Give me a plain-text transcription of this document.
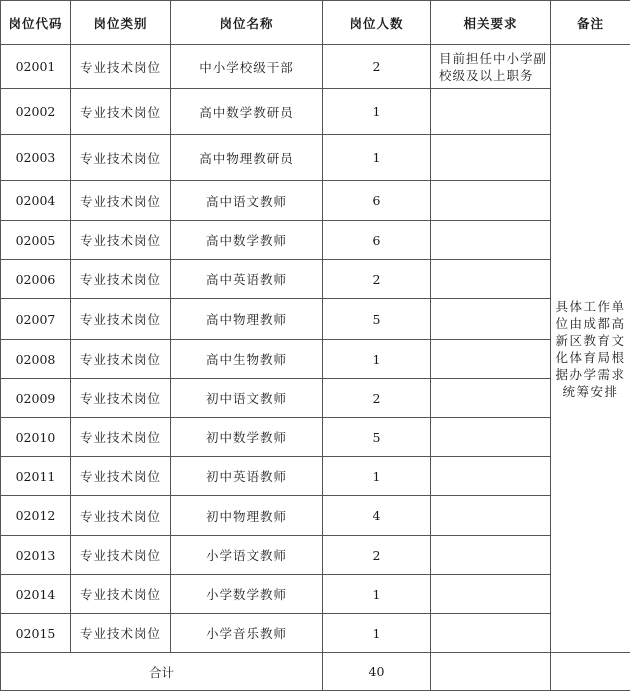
岗位代码	岗位类别	岗位名称	岗位人数	相关要求	备注
02001	专业技术岗位	中小学校级干部	2	目前担任中小学副校级及以上职务	具体工作单位由成都高新区教育文化体育局根据办学需求统筹安排
02002	专业技术岗位	高中数学教研员	1		
02003	专业技术岗位	高中物理教研员	1		
02004	专业技术岗位	高中语文教师	6		
02005	专业技术岗位	高中数学教师	6		
02006	专业技术岗位	高中英语教师	2		
02007	专业技术岗位	高中物理教师	5		
02008	专业技术岗位	高中生物教师	1		
02009	专业技术岗位	初中语文教师	2		
02010	专业技术岗位	初中数学教师	5		
02011	专业技术岗位	初中英语教师	1		
02012	专业技术岗位	初中物理教师	4		
02013	专业技术岗位	小学语文教师	2		
02014	专业技术岗位	小学数学教师	1		
02015	专业技术岗位	小学音乐教师	1		
合计			40		
